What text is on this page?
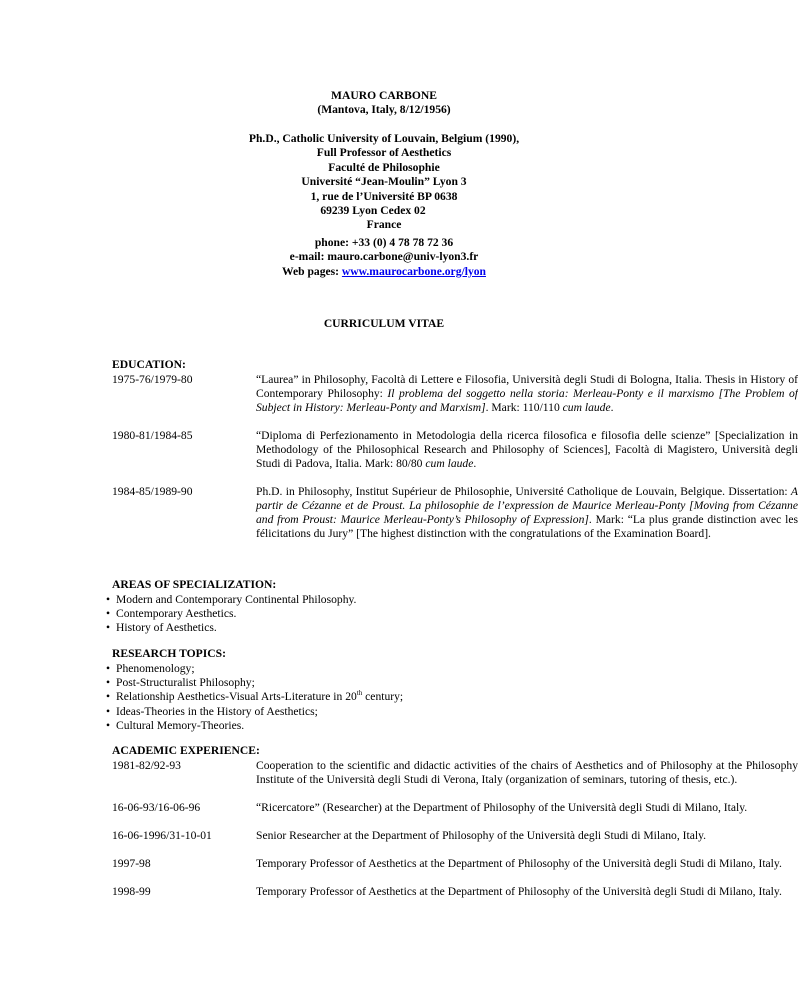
MAURO CARBONE
(Mantova, Italy, 8/12/1956)
Ph.D., Catholic University of Louvain, Belgium (1990),
Full Professor of Aesthetics
Faculté de Philosophie
Université “Jean-Moulin” Lyon 3
1, rue de l’Université BP 0638
69239 Lyon Cedex 02
France
phone: +33 (0) 4 78 78 72 36
e-mail: mauro.carbone@univ-lyon3.fr
Web pages: www.maurocarbone.org/lyon
CURRICULUM VITAE
EDUCATION:
1975-76/1979-80	“Laurea” in Philosophy, Facoltà di Lettere e Filosofia, Università degli Studi di Bologna, Italia. Thesis in History of Contemporary Philosophy: Il problema del soggetto nella storia: Merleau-Ponty e il marxismo [The Problem of Subject in History: Merleau-Ponty and Marxism]. Mark: 110/110 cum laude.
1980-81/1984-85	“Diploma di Perfezionamento in Metodologia della ricerca filosofica e filosofia delle scienze” [Specialization in Methodology of the Philosophical Research and Philosophy of Sciences], Facoltà di Magistero, Università degli Studi di Padova, Italia. Mark: 80/80 cum laude.
1984-85/1989-90	Ph.D. in Philosophy, Institut Supérieur de Philosophie, Université Catholique de Louvain, Belgique. Dissertation: A partir de Cézanne et de Proust. La philosophie de l’expression de Maurice Merleau-Ponty [Moving from Cézanne and from Proust: Maurice Merleau-Ponty’s Philosophy of Expression]. Mark: “La plus grande distinction avec les félicitations du Jury” [The highest distinction with the congratulations of the Examination Board].
AREAS OF SPECIALIZATION:
• Modern and Contemporary Continental Philosophy.
• Contemporary Aesthetics.
• History of Aesthetics.
RESEARCH TOPICS:
• Phenomenology;
• Post-Structuralist Philosophy;
• Relationship Aesthetics-Visual Arts-Literature in 20th century;
• Ideas-Theories in the History of Aesthetics;
• Cultural Memory-Theories.
ACADEMIC EXPERIENCE:
1981-82/92-93	Cooperation to the scientific and didactic activities of the chairs of Aesthetics and of Philosophy at the Philosophy Institute of the Università degli Studi di Verona, Italy (organization of seminars, tutoring of thesis, etc.).
16-06-93/16-06-96	“Ricercatore” (Researcher) at the Department of Philosophy of the Università degli Studi di Milano, Italy.
16-06-1996/31-10-01	Senior Researcher at the Department of Philosophy of the Università degli Studi di Milano, Italy.
1997-98	Temporary Professor of Aesthetics at the Department of Philosophy of the Università degli Studi di Milano, Italy.
1998-99	Temporary Professor of Aesthetics at the Department of Philosophy of the Università degli Studi di Milano, Italy.
